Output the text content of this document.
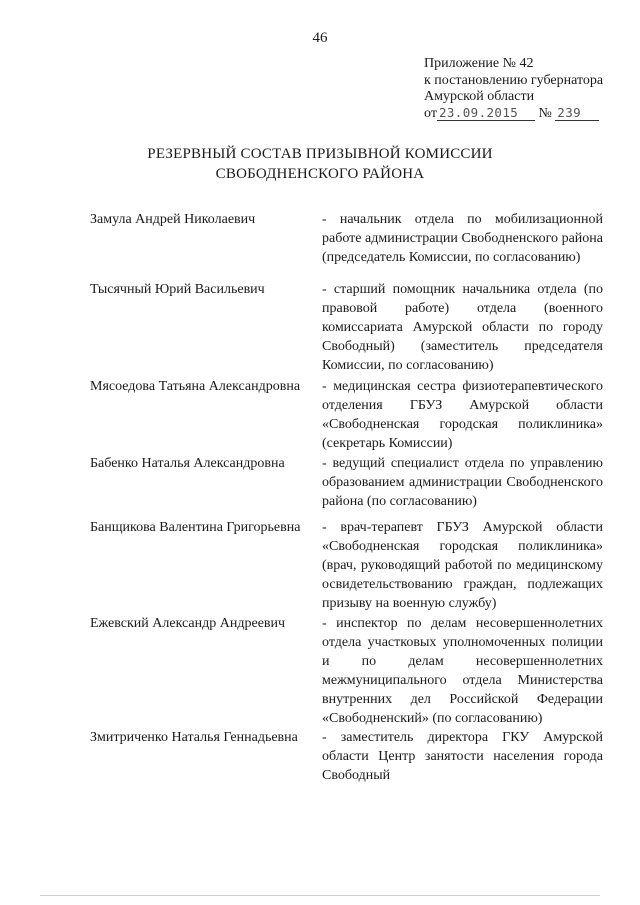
46
Приложение № 42
к постановлению губернатора
Амурской области
от 23.09.2015 № 239
РЕЗЕРВНЫЙ СОСТАВ ПРИЗЫВНОЙ КОМИССИИ
СВОБОДНЕНСКОГО РАЙОНА
Замула Андрей Николаевич	- начальник отдела по мобилизационной работе администрации Свободненского района (председатель Комиссии, по согласованию)
Тысячный Юрий Васильевич	- старший помощник начальника отдела (по правовой работе) отдела (военного комиссариата Амурской области по городу Свободный) (заместитель председателя Комиссии, по согласованию)
Мясоедова Татьяна Александровна	- медицинская сестра физиотерапевтического отделения ГБУЗ Амурской области «Свободненская городская поликлиника» (секретарь Комиссии)
Бабенко Наталья Александровна	- ведущий специалист отдела по управлению образованием администрации Свободненского района (по согласованию)
Банщикова Валентина Григорьевна	- врач-терапевт ГБУЗ Амурской области «Свободненская городская поликлиника» (врач, руководящий работой по медицинскому освидетельствованию граждан, подлежащих призыву на военную службу)
Ежевский Александр Андреевич	- инспектор по делам несовершеннолетних отдела участковых уполномоченных полиции и по делам несовершеннолетних межмуниципального отдела Министерства внутренних дел Российской Федерации «Свободненский» (по согласованию)
Змитриченко Наталья Геннадьевна	- заместитель директора ГКУ Амурской области Центр занятости населения города Свободный
